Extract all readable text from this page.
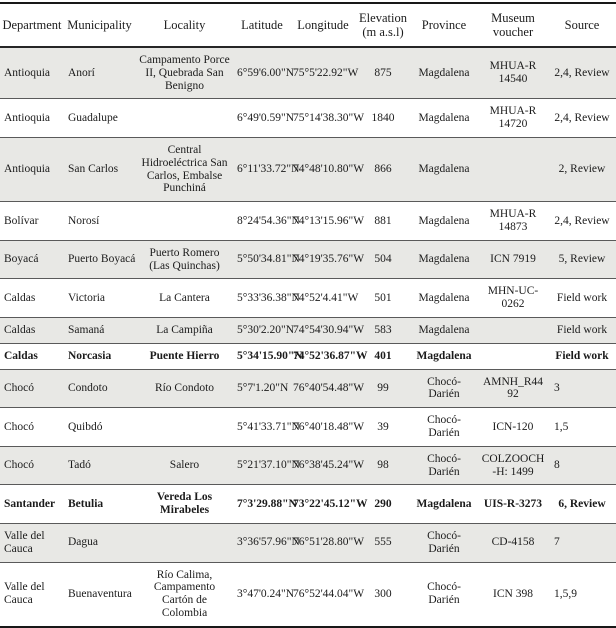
Department	Municipality	Locality	Latitude	Longitude	Elevation (m a.s.l)	Province	Museum voucher	Source
Antioquia	Anorí	Campamento Porce II, Quebrada San Benigno	6°59'6.00"N	75°5'22.92"W	875	Magdalena	MHUA-R 14540	2,4, Review
Antioquia	Guadalupe		6°49'0.59"N	75°14'38.30"W	1840	Magdalena	MHUA-R 14720	2,4, Review
Antioquia	San Carlos	Central Hidroeléctrica San Carlos, Embalse Punchiná	6°11'33.72"N	74°48'10.80"W	866	Magdalena		2, Review
Bolívar	Norosí		8°24'54.36"N	74°13'15.96"W	881	Magdalena	MHUA-R 14873	2,4, Review
Boyacá	Puerto Boyacá	Puerto Romero (Las Quinchas)	5°50'34.81"N	74°19'35.76"W	504	Magdalena	ICN 7919	5, Review
Caldas	Victoria	La Cantera	5°33'36.38"N	74°52'4.41"W	501	Magdalena	MHN-UC-0262	Field work
Caldas	Samaná	La Campiña	5°30'2.20"N	74°54'30.94"W	583	Magdalena		Field work
Caldas	Norcasia	Puente Hierro	5°34'15.90"N	74°52'36.87"W	401	Magdalena		Field work
Chocó	Condoto	Río Condoto	5°7'1.20"N	76°40'54.48"W	99	Chocó-Darién	AMNH_R4492	3
Chocó	Quibdó		5°41'33.71"N	76°40'18.48"W	39	Chocó-Darién	ICN-120	1,5
Chocó	Tadó	Salero	5°21'37.10"N	76°38'45.24"W	98	Chocó-Darién	COLZOOCH-H: 1499	8
Santander	Betulia	Vereda Los Mirabeles	7°3'29.88"N	73°22'45.12"W	290	Magdalena	UIS-R-3273	6, Review
Valle del Cauca	Dagua		3°36'57.96"N	76°51'28.80"W	555	Chocó-Darién	CD-4158	7
Valle del Cauca	Buenaventura	Río Calima, Campamento Cartón de Colombia	3°47'0.24"N	76°52'44.04"W	300	Chocó-Darién	ICN 398	1,5,9
